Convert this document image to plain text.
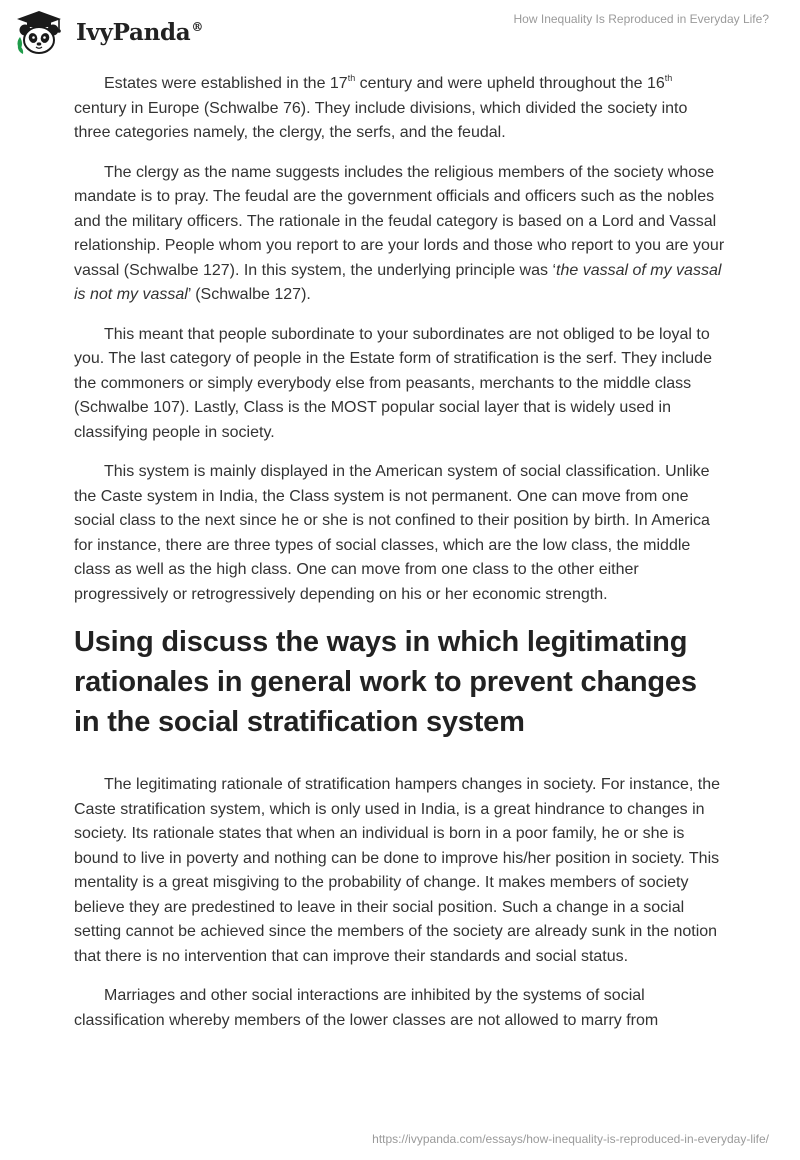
IvyPanda®
How Inequality Is Reproduced in Everyday Life?

Estates were established in the 17th century and were upheld throughout the 16th century in Europe (Schwalbe 76). They include divisions, which divided the society into three categories namely, the clergy, the serfs, and the feudal.

The clergy as the name suggests includes the religious members of the society whose mandate is to pray. The feudal are the government officials and officers such as the nobles and the military officers. The rationale in the feudal category is based on a Lord and Vassal relationship. People whom you report to are your lords and those who report to you are your vassal (Schwalbe 127). In this system, the underlying principle was ‘the vassal of my vassal is not my vassal’ (Schwalbe 127).

This meant that people subordinate to your subordinates are not obliged to be loyal to you. The last category of people in the Estate form of stratification is the serf. They include the commoners or simply everybody else from peasants, merchants to the middle class (Schwalbe 107). Lastly, Class is the MOST popular social layer that is widely used in classifying people in society.

This system is mainly displayed in the American system of social classification. Unlike the Caste system in India, the Class system is not permanent. One can move from one social class to the next since he or she is not confined to their position by birth. In America for instance, there are three types of social classes, which are the low class, the middle class as well as the high class. One can move from one class to the other either progressively or retrogressively depending on his or her economic strength.

Using discuss the ways in which legitimating rationales in general work to prevent changes in the social stratification system

The legitimating rationale of stratification hampers changes in society. For instance, the Caste stratification system, which is only used in India, is a great hindrance to changes in society. Its rationale states that when an individual is born in a poor family, he or she is bound to live in poverty and nothing can be done to improve his/her position in society. This mentality is a great misgiving to the probability of change. It makes members of society believe they are predestined to leave in their social position. Such a change in a social setting cannot be achieved since the members of the society are already sunk in the notion that there is no intervention that can improve their standards and social status.

Marriages and other social interactions are inhibited by the systems of social classification whereby members of the lower classes are not allowed to marry from

https://ivypanda.com/essays/how-inequality-is-reproduced-in-everyday-life/
